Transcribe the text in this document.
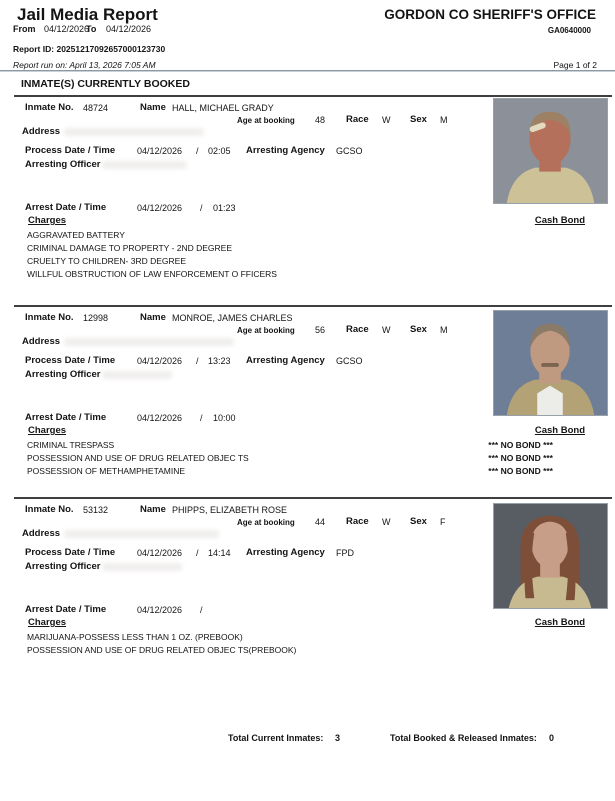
Jail Media Report	GORDON CO SHERIFF'S OFFICE
From 04/12/2026
To 04/12/2026	GA0640000
Report ID: 20251217092657000123730
Report run on: April 13, 2026 7:05 AM	Page 1 of 2
INMATE(S) CURRENTLY BOOKED
Inmate No. 48724	Name HALL, MICHAEL GRADY
Age at booking 48 Race W Sex M
Address
Process Date / Time 04/12/2026 / 02:05 Arresting Agency GCSO
Arresting Officer
Arrest Date / Time	04/12/2026 / 01:23
Charges	Cash Bond
AGGRAVATED BATTERY
CRIMINAL DAMAGE TO PROPERTY - 2ND DEGREE
CRUELTY TO CHILDREN- 3RD DEGREE
WILLFUL OBSTRUCTION OF LAW ENFORCEMENT O FFICERS
Inmate No. 12998	Name MONROE, JAMES CHARLES
Age at booking 56 Race W Sex M
Address
Process Date / Time 04/12/2026 / 13:23 Arresting Agency GCSO
Arresting Officer
Arrest Date / Time	04/12/2026 / 10:00
Charges	Cash Bond
CRIMINAL TRESPASS	*** NO BOND ***
POSSESSION AND USE OF DRUG RELATED OBJEC TS	*** NO BOND ***
POSSESSION OF METHAMPHETAMINE	*** NO BOND ***
Inmate No. 53132	Name PHIPPS, ELIZABETH ROSE
Age at booking 44 Race W Sex F
Address
Process Date / Time 04/12/2026 / 14:14 Arresting Agency FPD
Arresting Officer
Arrest Date / Time	04/12/2026 /
Charges	Cash Bond
MARIJUANA-POSSESS LESS THAN 1 OZ. (PREBOOK)
POSSESSION AND USE OF DRUG RELATED OBJEC TS(PREBOOK)
Total Current Inmates: 3	Total Booked & Released Inmates: 0
